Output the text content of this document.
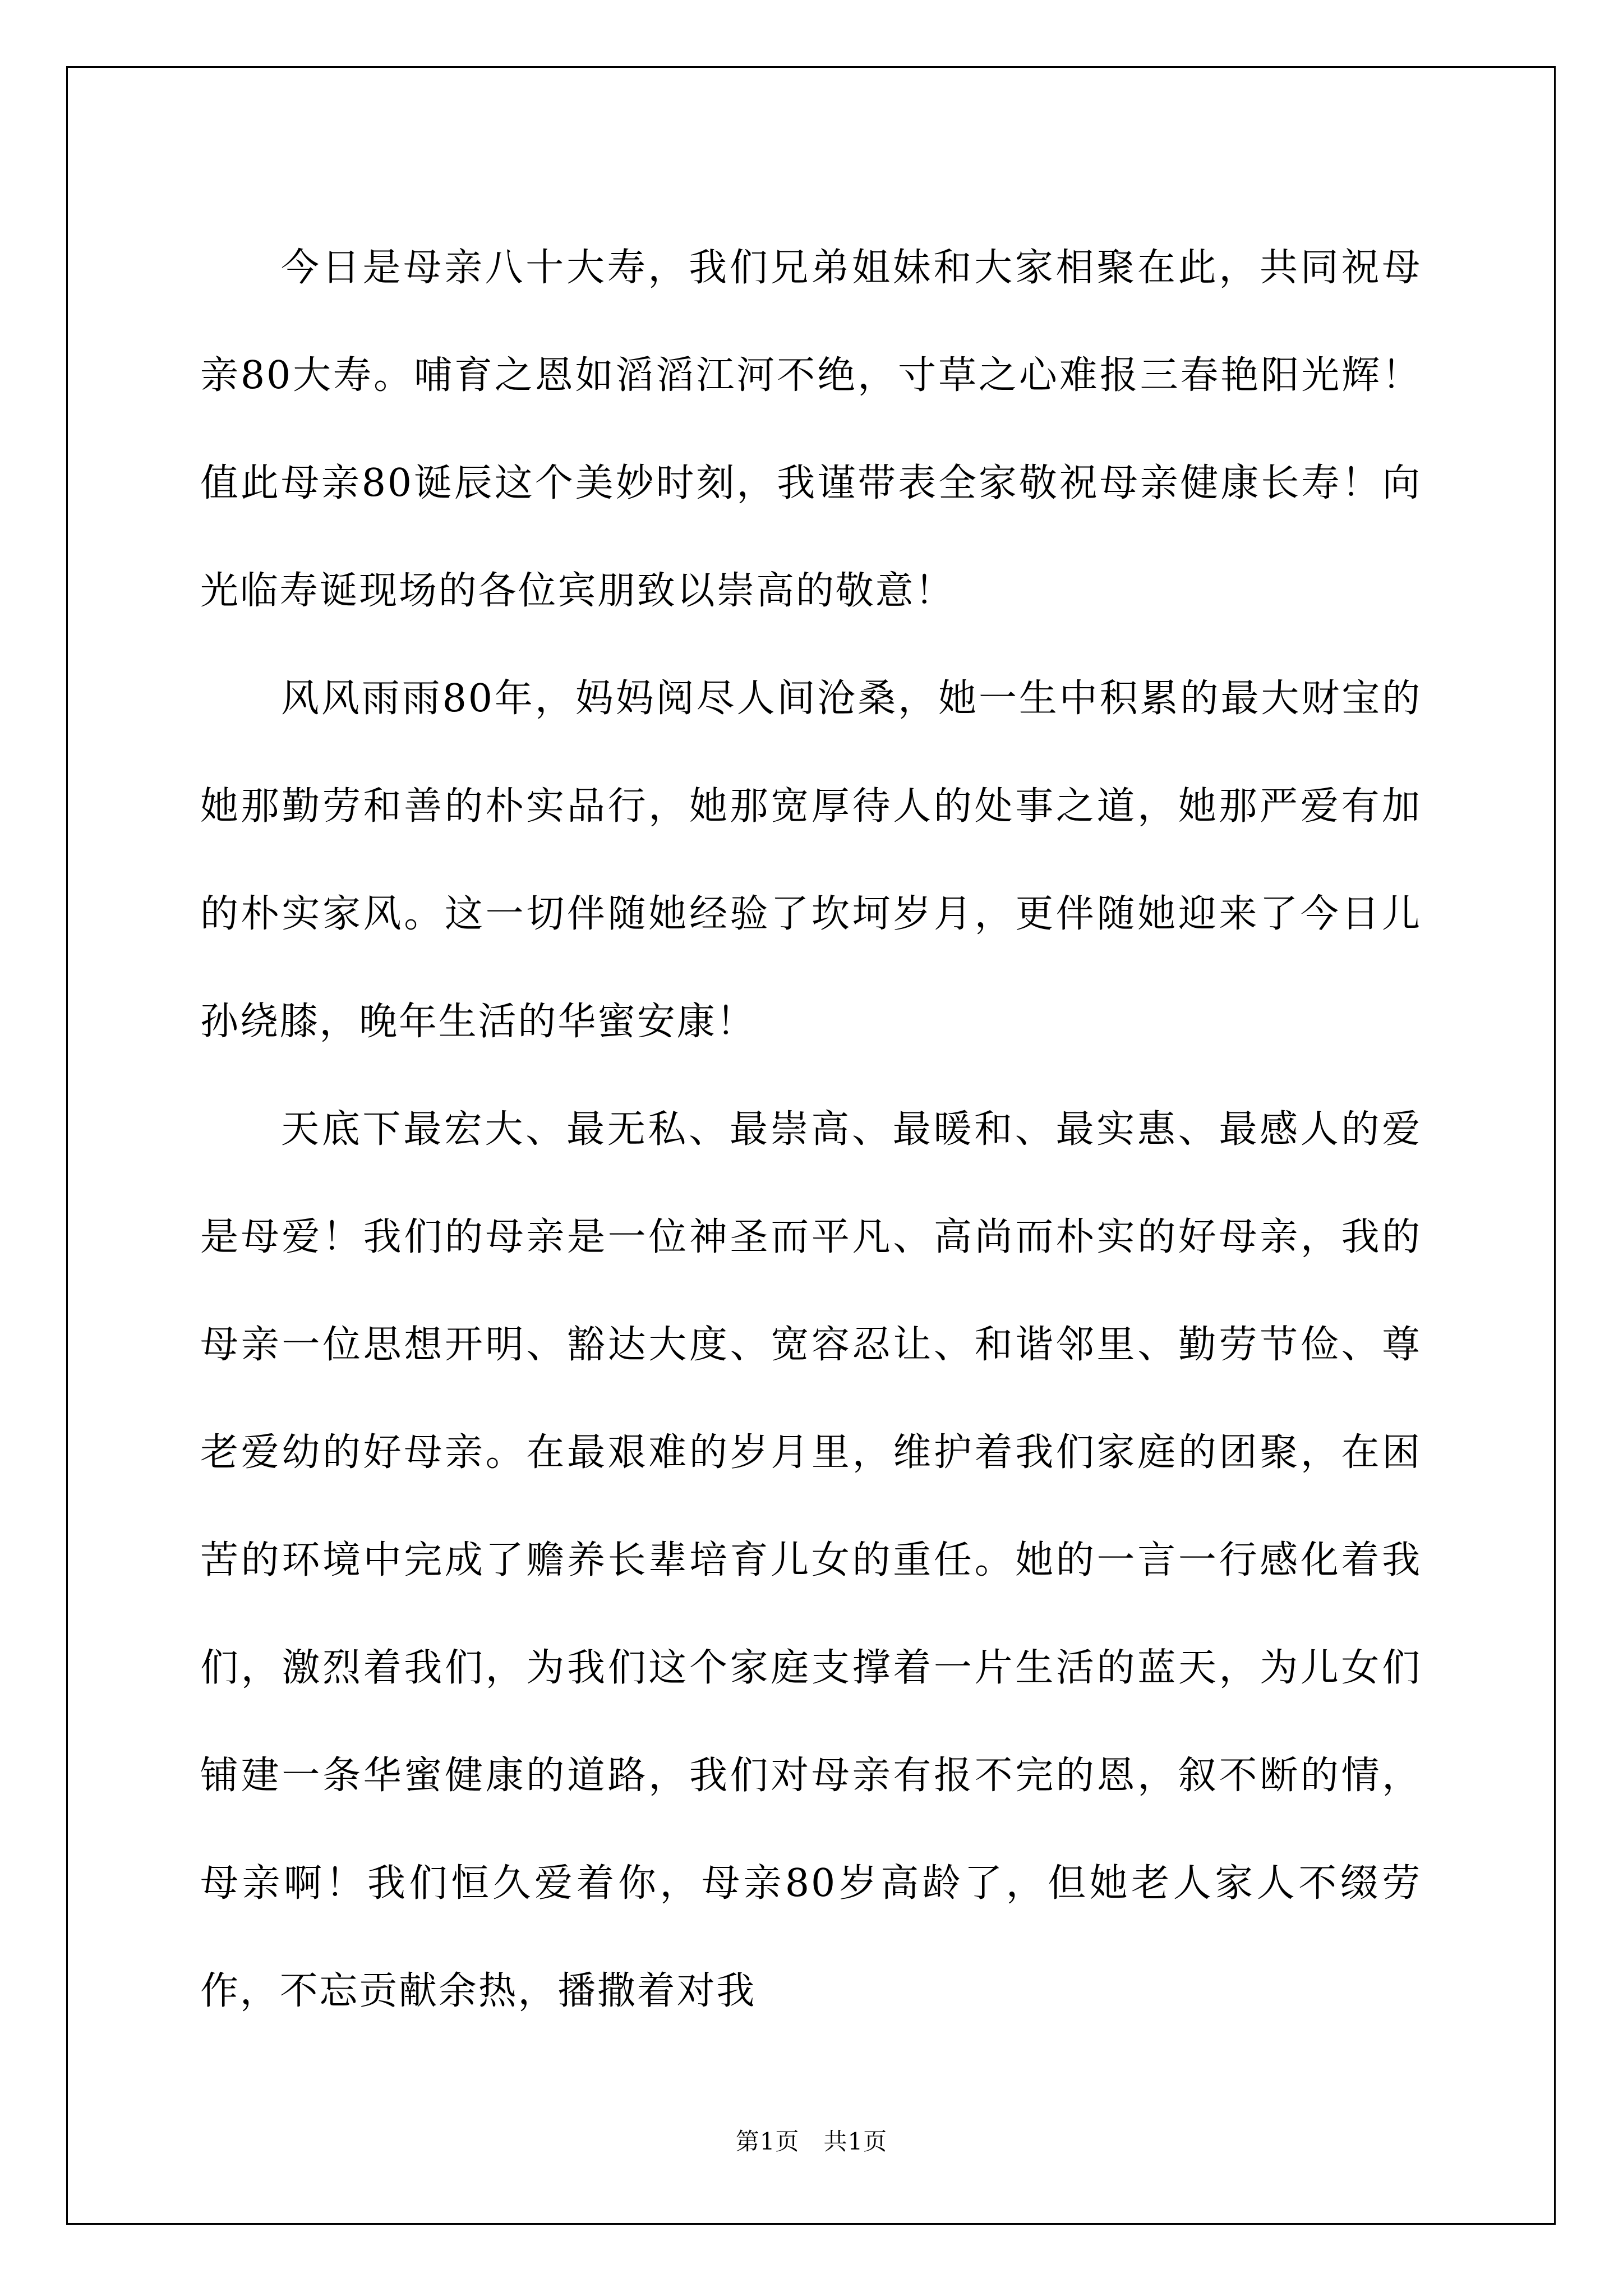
今日是母亲八十大寿，我们兄弟姐妹和大家相聚在此，共同祝母亲80大寿。哺育之恩如滔滔江河不绝，寸草之心难报三春艳阳光辉！值此母亲80诞辰这个美妙时刻，我谨带表全家敬祝母亲健康长寿！向光临寿诞现场的各位宾朋致以崇高的敬意！

风风雨雨80年，妈妈阅尽人间沧桑，她一生中积累的最大财宝的她那勤劳和善的朴实品行，她那宽厚待人的处事之道，她那严爱有加的朴实家风。这一切伴随她经验了坎坷岁月，更伴随她迎来了今日儿孙绕膝，晚年生活的华蜜安康！

天底下最宏大、最无私、最崇高、最暖和、最实惠、最感人的爱是母爱！我们的母亲是一位神圣而平凡、高尚而朴实的好母亲，我的母亲一位思想开明、豁达大度、宽容忍让、和谐邻里、勤劳节俭、尊老爱幼的好母亲。在最艰难的岁月里，维护着我们家庭的团聚，在困苦的环境中完成了赡养长辈培育儿女的重任。她的一言一行感化着我们，激烈着我们，为我们这个家庭支撑着一片生活的蓝天，为儿女们铺建一条华蜜健康的道路，我们对母亲有报不完的恩，叙不断的情，母亲啊！我们恒久爱着你，母亲80岁高龄了，但她老人家人不缀劳作，不忘贡献余热，播撒着对我

第1页　共1页
